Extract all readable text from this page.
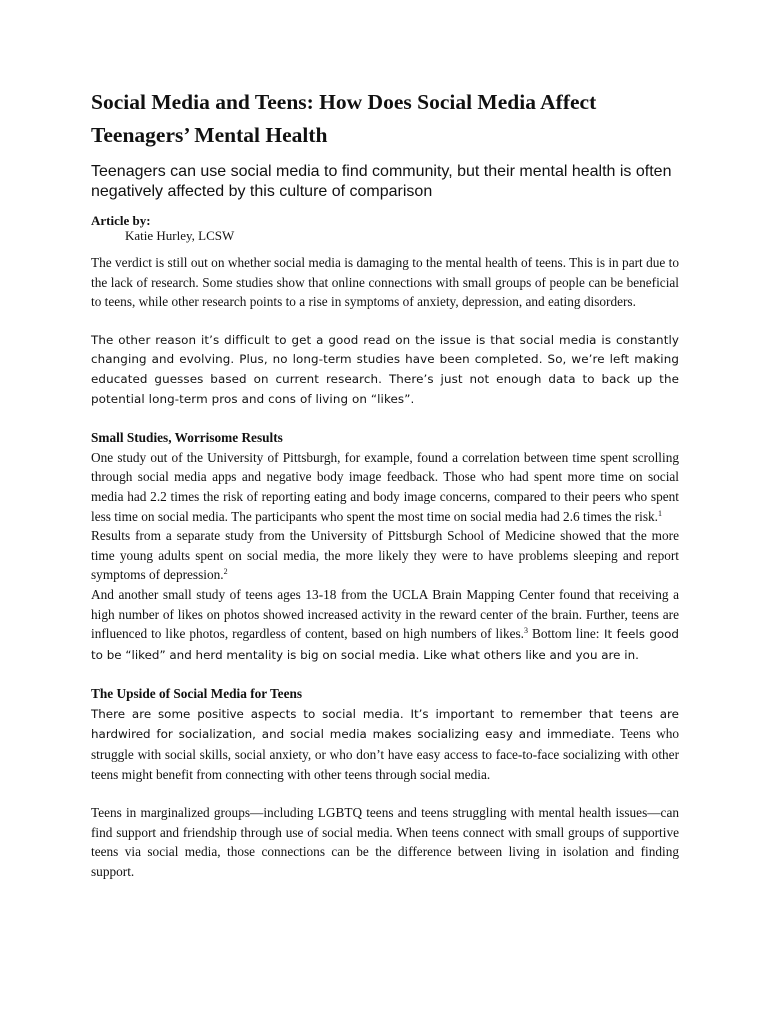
Social Media and Teens: How Does Social Media Affect Teenagers’ Mental Health

Teenagers can use social media to find community, but their mental health is often negatively affected by this culture of comparison

Article by:

Katie Hurley, LCSW

The verdict is still out on whether social media is damaging to the mental health of teens. This is in part due to the lack of research. Some studies show that online connections with small groups of people can be beneficial to teens, while other research points to a rise in symptoms of anxiety, depression, and eating disorders.

The other reason it’s difficult to get a good read on the issue is that social media is constantly changing and evolving. Plus, no long-term studies have been completed. So, we’re left making educated guesses based on current research. There’s just not enough data to back up the potential long-term pros and cons of living on “likes”.

Small Studies, Worrisome Results

One study out of the University of Pittsburgh, for example, found a correlation between time spent scrolling through social media apps and negative body image feedback. Those who had spent more time on social media had 2.2 times the risk of reporting eating and body image concerns, compared to their peers who spent less time on social media. The participants who spent the most time on social media had 2.6 times the risk.$^1$

Results from a separate study from the University of Pittsburgh School of Medicine showed that the more time young adults spent on social media, the more likely they were to have problems sleeping and report symptoms of depression.$^2$

And another small study of teens ages 13-18 from the UCLA Brain Mapping Center found that receiving a high number of likes on photos showed increased activity in the reward center of the brain. Further, teens are influenced to like photos, regardless of content, based on high numbers of likes.$^3$ Bottom line: It feels good to be “liked” and herd mentality is big on social media. Like what others like and you are in.

The Upside of Social Media for Teens

There are some positive aspects to social media. It’s important to remember that teens are hardwired for socialization, and social media makes socializing easy and immediate. Teens who struggle with social skills, social anxiety, or who don’t have easy access to face-to-face socializing with other teens might benefit from connecting with other teens through social media.

Teens in marginalized groups—including LGBTQ teens and teens struggling with mental health issues—can find support and friendship through use of social media. When teens connect with small groups of supportive teens via social media, those connections can be the difference between living in isolation and finding support.
